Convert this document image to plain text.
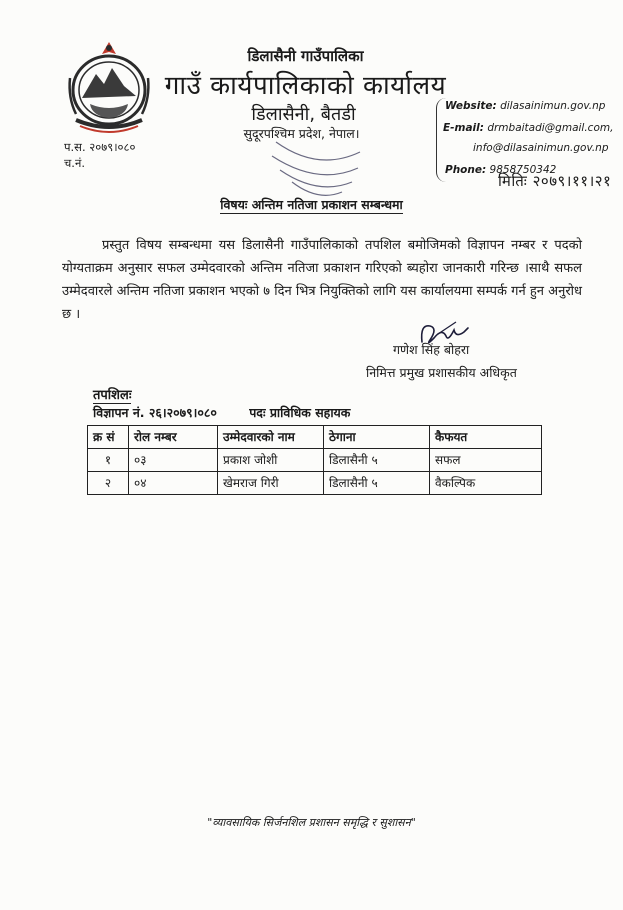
डिलासैनी गाउँपालिका
गाउँ कार्यपालिकाको कार्यालय
डिलासैनी, बैतडी
सुदूरपश्चिम प्रदेश, नेपाल।
प.स. २०७९।०८०
च.नं.
Website: dilasainimun.gov.np
E-mail: drmbaitadi@gmail.com,
info@dilasainimun.gov.np
Phone: 9858750342
मितिः २०७९।११।२१
विषयः अन्तिम नतिजा प्रकाशन सम्बन्धमा
प्रस्तुत विषय सम्बन्धमा यस डिलासैनी गाउँपालिकाको तपशिल बमोजिमको विज्ञापन नम्बर र पदको योग्यताक्रम अनुसार सफल उम्मेदवारको अन्तिम नतिजा प्रकाशन गरिएको ब्यहोरा जानकारी गरिन्छ ।साथै सफल उम्मेदवारले अन्तिम नतिजा प्रकाशन भएको ७ दिन भित्र नियुक्तिको लागि यस कार्यालयमा सम्पर्क गर्न हुन अनुरोध छ ।
गणेश सिंह बोहरा
निमित्त प्रमुख प्रशासकीय अधिकृत
तपशिलः
विज्ञापन नं. २६।२०७९।०८०	पदः प्राविधिक सहायक
क्र सं	रोल नम्बर	उम्मेदवारको नाम	ठेगाना	कैफयत
१	०३	प्रकाश जोशी	डिलासैनी ५	सफल
२	०४	खेमराज गिरी	डिलासैनी ५	वैकल्पिक
"व्यावसायिक सिर्जनशिल प्रशासन समृद्धि र सुशासन"
